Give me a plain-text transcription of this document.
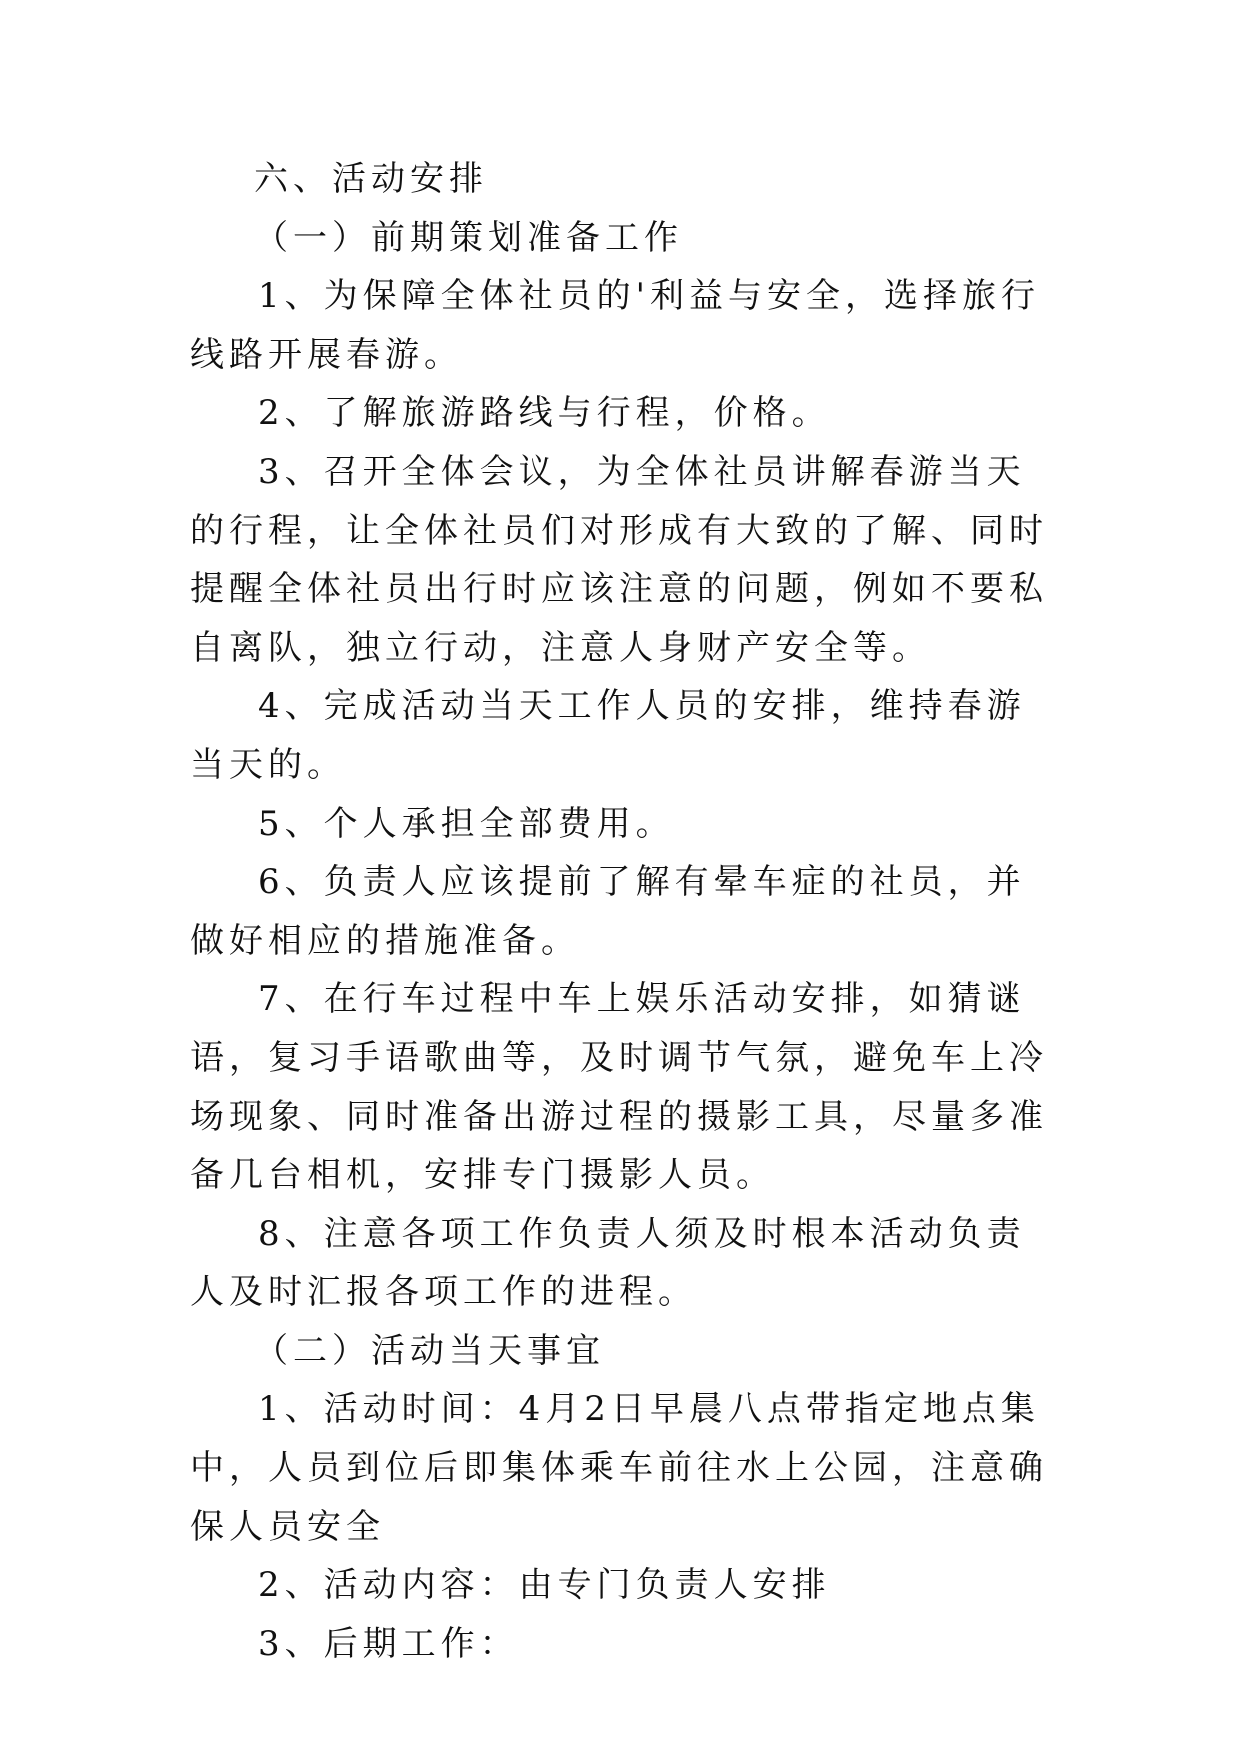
六、活动安排

（一）前期策划准备工作

1、为保障全体社员的'利益与安全，选择旅行线路开展春游。

2、了解旅游路线与行程，价格。

3、召开全体会议，为全体社员讲解春游当天的行程，让全体社员们对形成有大致的了解、同时提醒全体社员出行时应该注意的问题，例如不要私自离队，独立行动，注意人身财产安全等。

4、完成活动当天工作人员的安排，维持春游当天的。

5、个人承担全部费用。

6、负责人应该提前了解有晕车症的社员，并做好相应的措施准备。

7、在行车过程中车上娱乐活动安排，如猜谜语，复习手语歌曲等，及时调节气氛，避免车上冷场现象、同时准备出游过程的摄影工具，尽量多准备几台相机，安排专门摄影人员。

8、注意各项工作负责人须及时根本活动负责人及时汇报各项工作的进程。

（二）活动当天事宜

1、活动时间：4月2日早晨八点带指定地点集中，人员到位后即集体乘车前往水上公园，注意确保人员安全

2、活动内容：由专门负责人安排

3、后期工作：
